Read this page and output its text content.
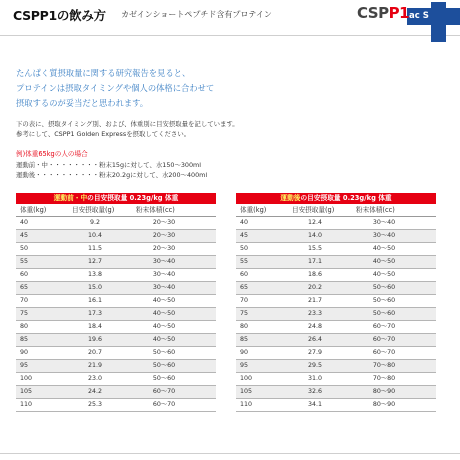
CSPP1の飲み方 カゼインショートペプチド含有プロテイン	CSPP1 ac S

たんぱく質摂取量に関する研究報告を見ると、

プロテインは摂取タイミングや個人の体格に合わせて

摂取するのが妥当だと思われます。

下の表に、摂取タイミング別、および、体重別に目安摂取量を記しています。

参考にして、CSPP1 Golden Expressを摂取してください。

例)体重65kgの人の場合
運動前・中・・・・・・・・粉末15gに対して、水150〜300ml
運動後・・・・・・・・・・粉末20.2gに対して、水200〜400ml
運動前・中の目安摂取量 0.23g/kg 体重
体重(kg)	目安摂取量(g)	粉末体積(cc)
40	9.2	20〜30
45	10.4	20〜30
50	11.5	20〜30
55	12.7	30〜40
60	13.8	30〜40
65	15.0	30〜40
70	16.1	40〜50
75	17.3	40〜50
80	18.4	40〜50
85	19.6	40〜50
90	20.7	50〜60
95	21.9	50〜60
100	23.0	50〜60
105	24.2	60〜70
110	25.3	60〜70
運動後の目安摂取量 0.23g/kg 体重
体重(kg)	目安摂取量(g)	粉末体積(cc)
40	12.4	30〜40
45	14.0	30〜40
50	15.5	40〜50
55	17.1	40〜50
60	18.6	40〜50
65	20.2	50〜60
70	21.7	50〜60
75	23.3	50〜60
80	24.8	60〜70
85	26.4	60〜70
90	27.9	60〜70
95	29.5	70〜80
100	31.0	70〜80
105	32.6	80〜90
110	34.1	80〜90
